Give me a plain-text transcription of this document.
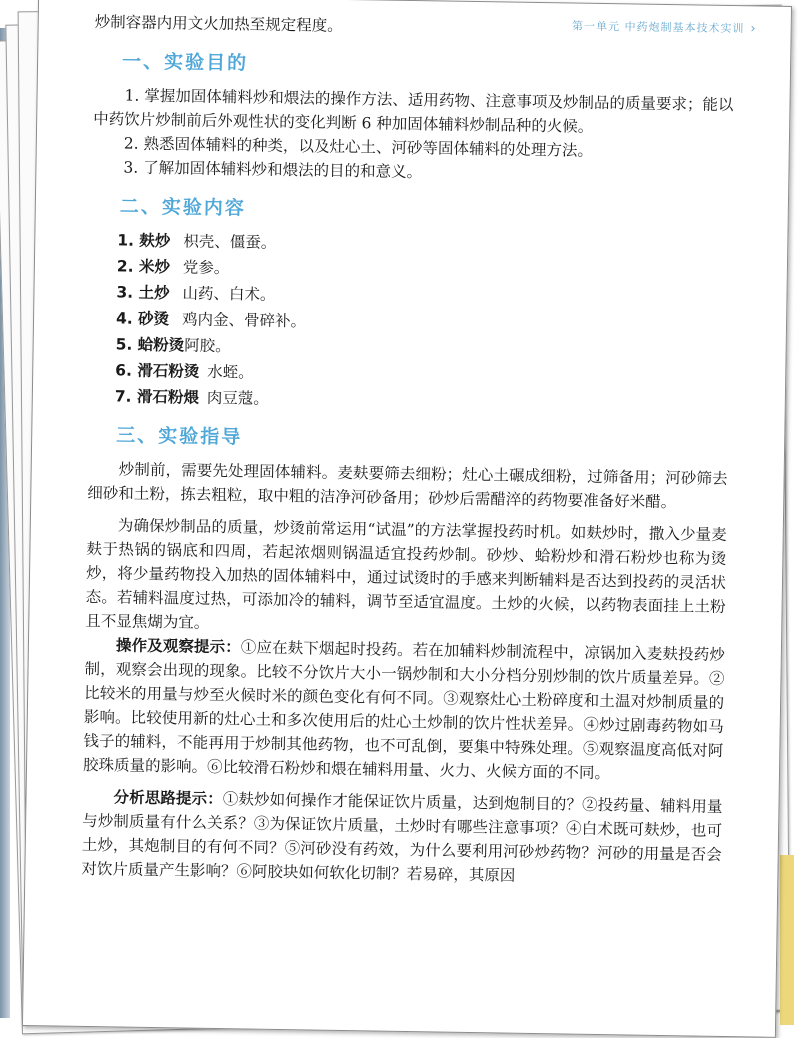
第一单元 中药炮制基本技术实训 ›

炒制容器内用文火加热至规定程度。

一、实验目的

1. 掌握加固体辅料炒和煨法的操作方法、适用药物、注意事项及炒制品的质量要求；能以中药饮片炒制前后外观性状的变化判断 6 种加固体辅料炒制品种的火候。

2. 熟悉固体辅料的种类，以及灶心土、河砂等固体辅料的处理方法。

3. 了解加固体辅料炒和煨法的目的和意义。

二、实验内容
1. 麸炒 枳壳、僵蚕。
2. 米炒 党参。
3. 土炒 山药、白术。
4. 砂烫 鸡内金、骨碎补。
5. 蛤粉烫阿胶。
6. 滑石粉烫 水蛭。
7. 滑石粉煨 肉豆蔻。
三、实验指导

炒制前，需要先处理固体辅料。麦麸要筛去细粉；灶心土碾成细粉，过筛备用；河砂筛去细砂和土粉，拣去粗粒，取中粗的洁净河砂备用；砂炒后需醋淬的药物要准备好米醋。

为确保炒制品的质量，炒烫前常运用“试温”的方法掌握投药时机。如麸炒时，撒入少量麦麸于热锅的锅底和四周，若起浓烟则锅温适宜投药炒制。砂炒、蛤粉炒和滑石粉炒也称为烫炒，将少量药物投入加热的固体辅料中，通过试烫时的手感来判断辅料是否达到投药的灵活状态。若辅料温度过热，可添加冷的辅料，调节至适宜温度。土炒的火候，以药物表面挂上土粉且不显焦煳为宜。

操作及观察提示：①应在麸下烟起时投药。若在加辅料炒制流程中，凉锅加入麦麸投药炒制，观察会出现的现象。比较不分饮片大小一锅炒制和大小分档分别炒制的饮片质量差异。②比较米的用量与炒至火候时米的颜色变化有何不同。③观察灶心土粉碎度和土温对炒制质量的影响。比较使用新的灶心土和多次使用后的灶心土炒制的饮片性状差异。④炒过剧毒药物如马钱子的辅料，不能再用于炒制其他药物，也不可乱倒，要集中特殊处理。⑤观察温度高低对阿胶珠质量的影响。⑥比较滑石粉炒和煨在辅料用量、火力、火候方面的不同。

分析思路提示：①麸炒如何操作才能保证饮片质量，达到炮制目的？②投药量、辅料用量与炒制质量有什么关系？③为保证饮片质量，土炒时有哪些注意事项？④白术既可麸炒，也可土炒，其炮制目的有何不同？⑤河砂没有药效，为什么要利用河砂炒药物？河砂的用量是否会对饮片质量产生影响？⑥阿胶块如何软化切制？若易碎，其原因
